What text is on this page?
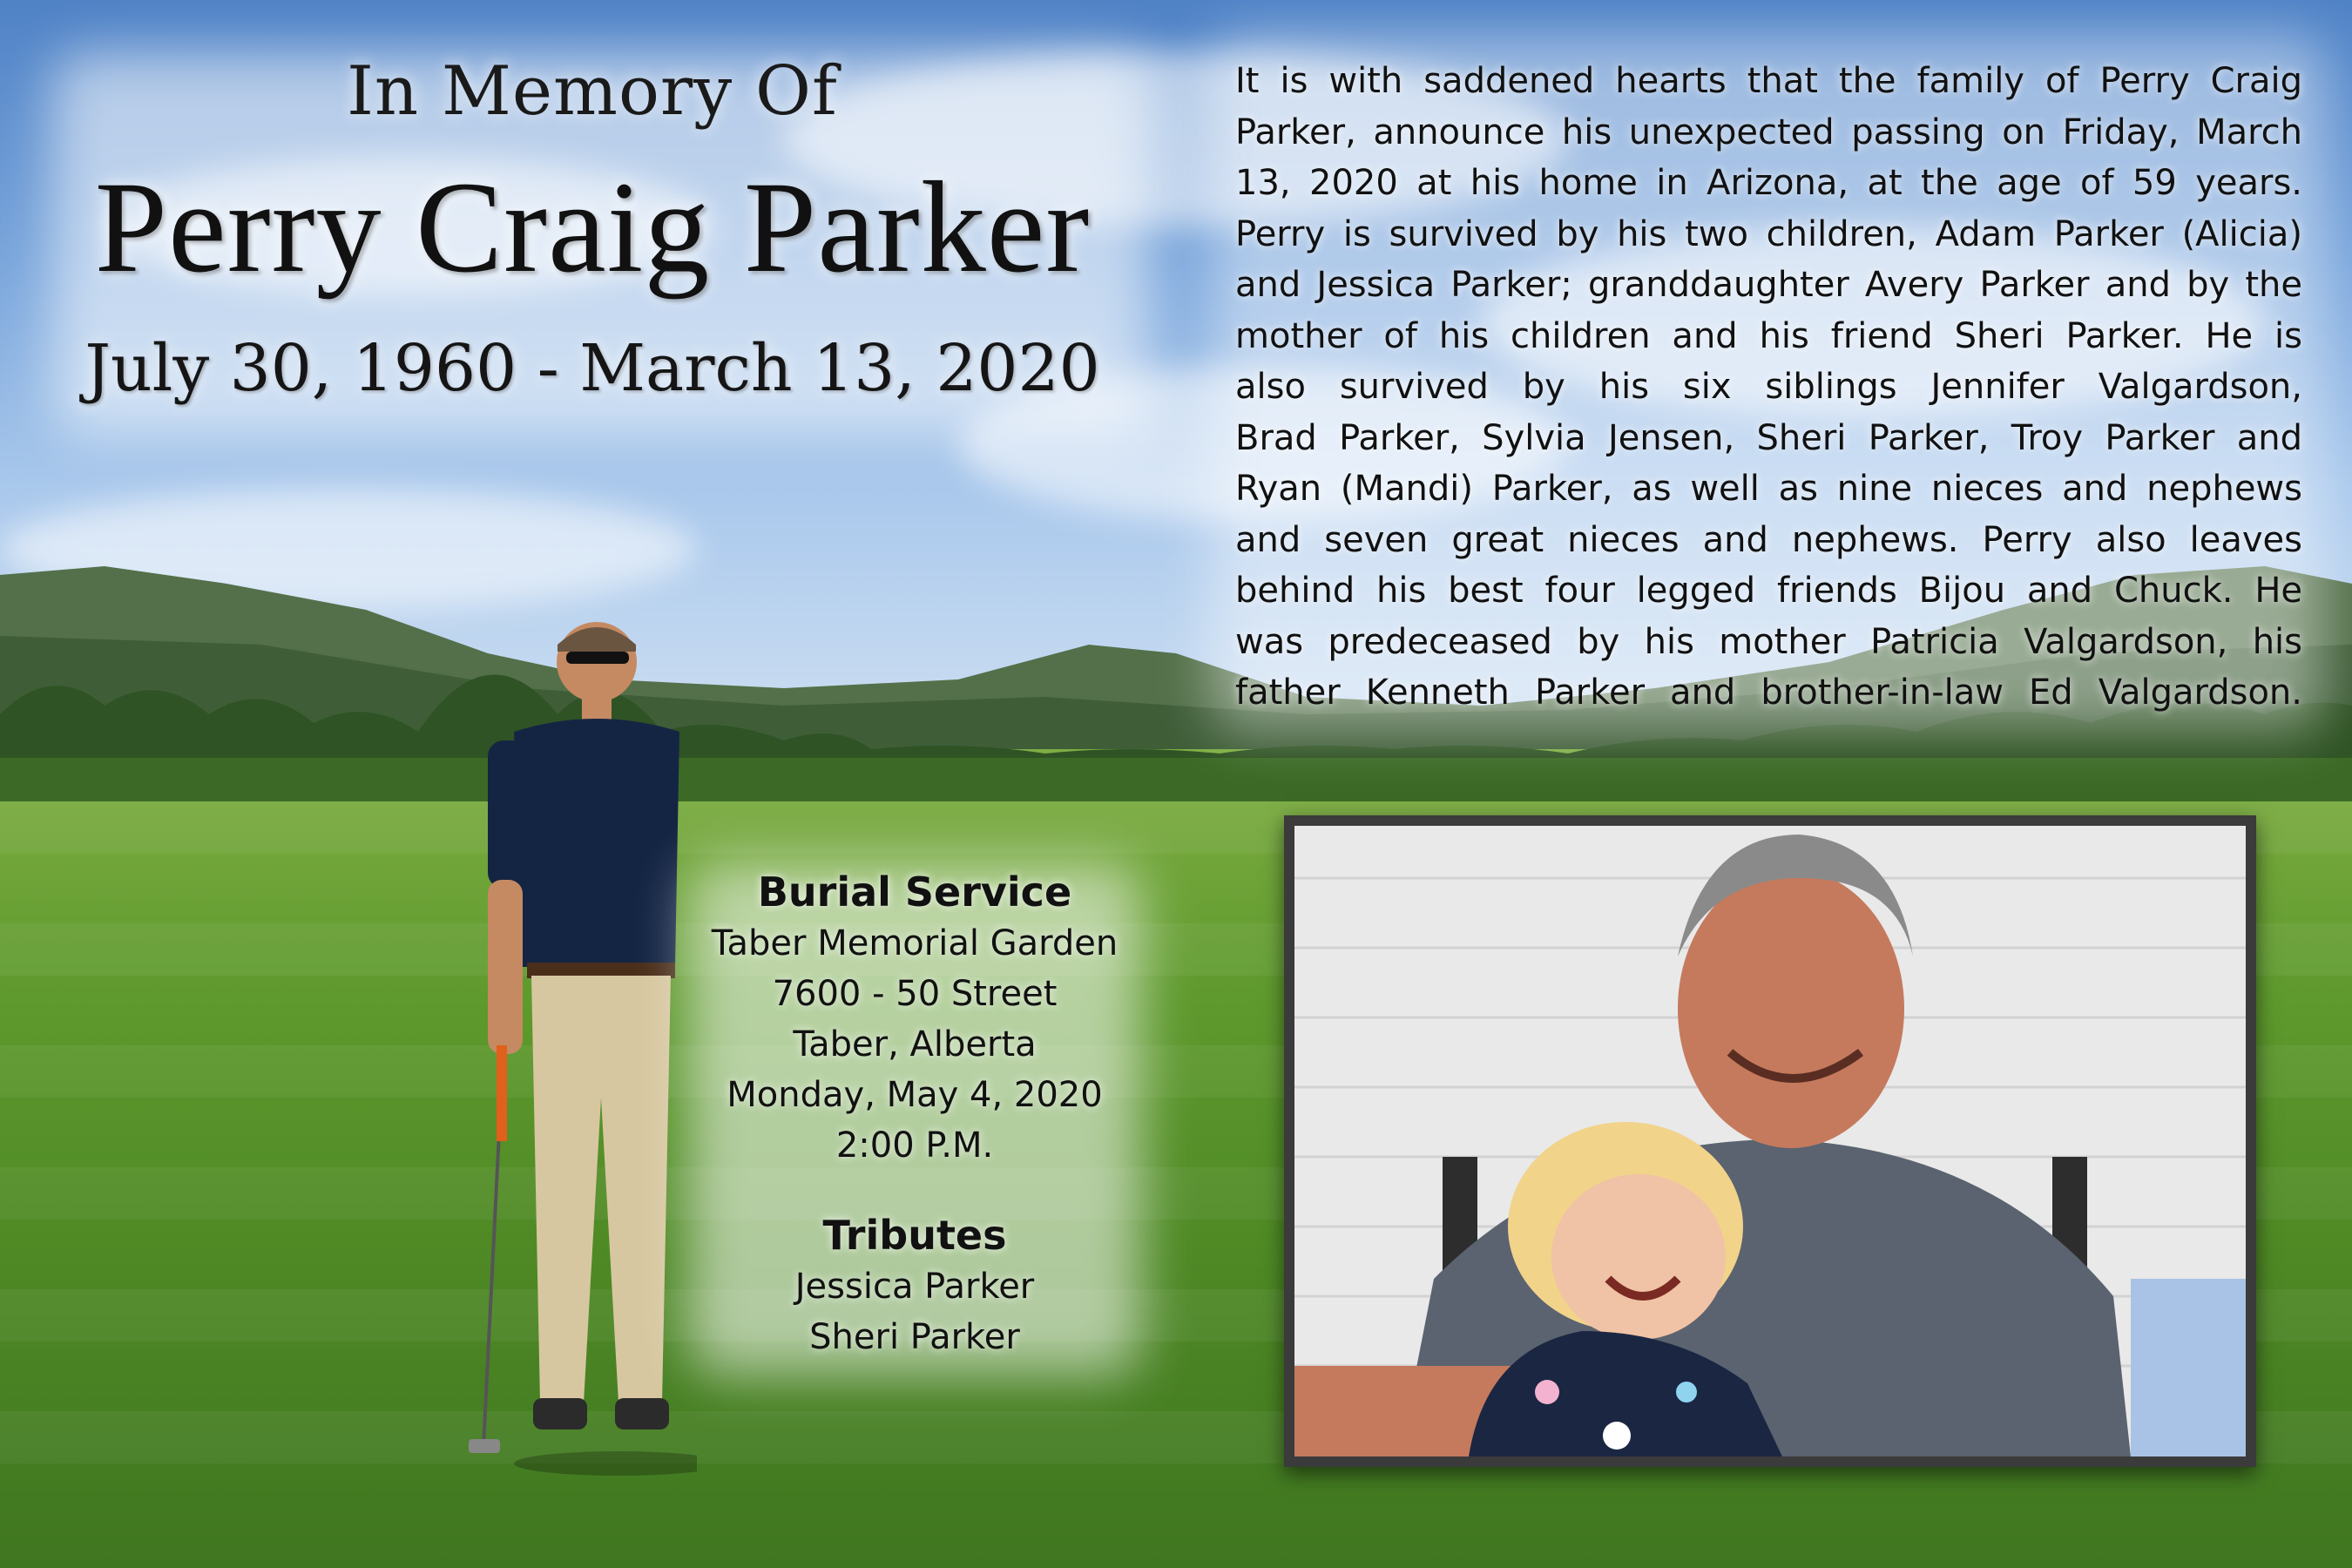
In Memory Of
Perry Craig Parker
July 30, 1960 - March 13, 2020
It is with saddened hearts that the family of Perry Craig
Parker, announce his unexpected passing on Friday, March
13, 2020 at his home in Arizona, at the age of 59 years.
Perry is survived by his two children, Adam Parker (Alicia)
and Jessica Parker; granddaughter Avery Parker and by the
mother of his children and his friend Sheri Parker. He is
also survived by his six siblings Jennifer Valgardson,
Brad Parker, Sylvia Jensen, Sheri Parker, Troy Parker and
Ryan (Mandi) Parker, as well as nine nieces and nephews
and seven great nieces and nephews. Perry also leaves
behind his best four legged friends Bijou and Chuck. He
was predeceased by his mother Patricia Valgardson, his
father Kenneth Parker and brother-in-law Ed Valgardson.
Burial Service
Taber Memorial Garden
7600 - 50 Street
Taber, Alberta
Monday, May 4, 2020
2:00 P.M.
Tributes
Jessica Parker
Sheri Parker
